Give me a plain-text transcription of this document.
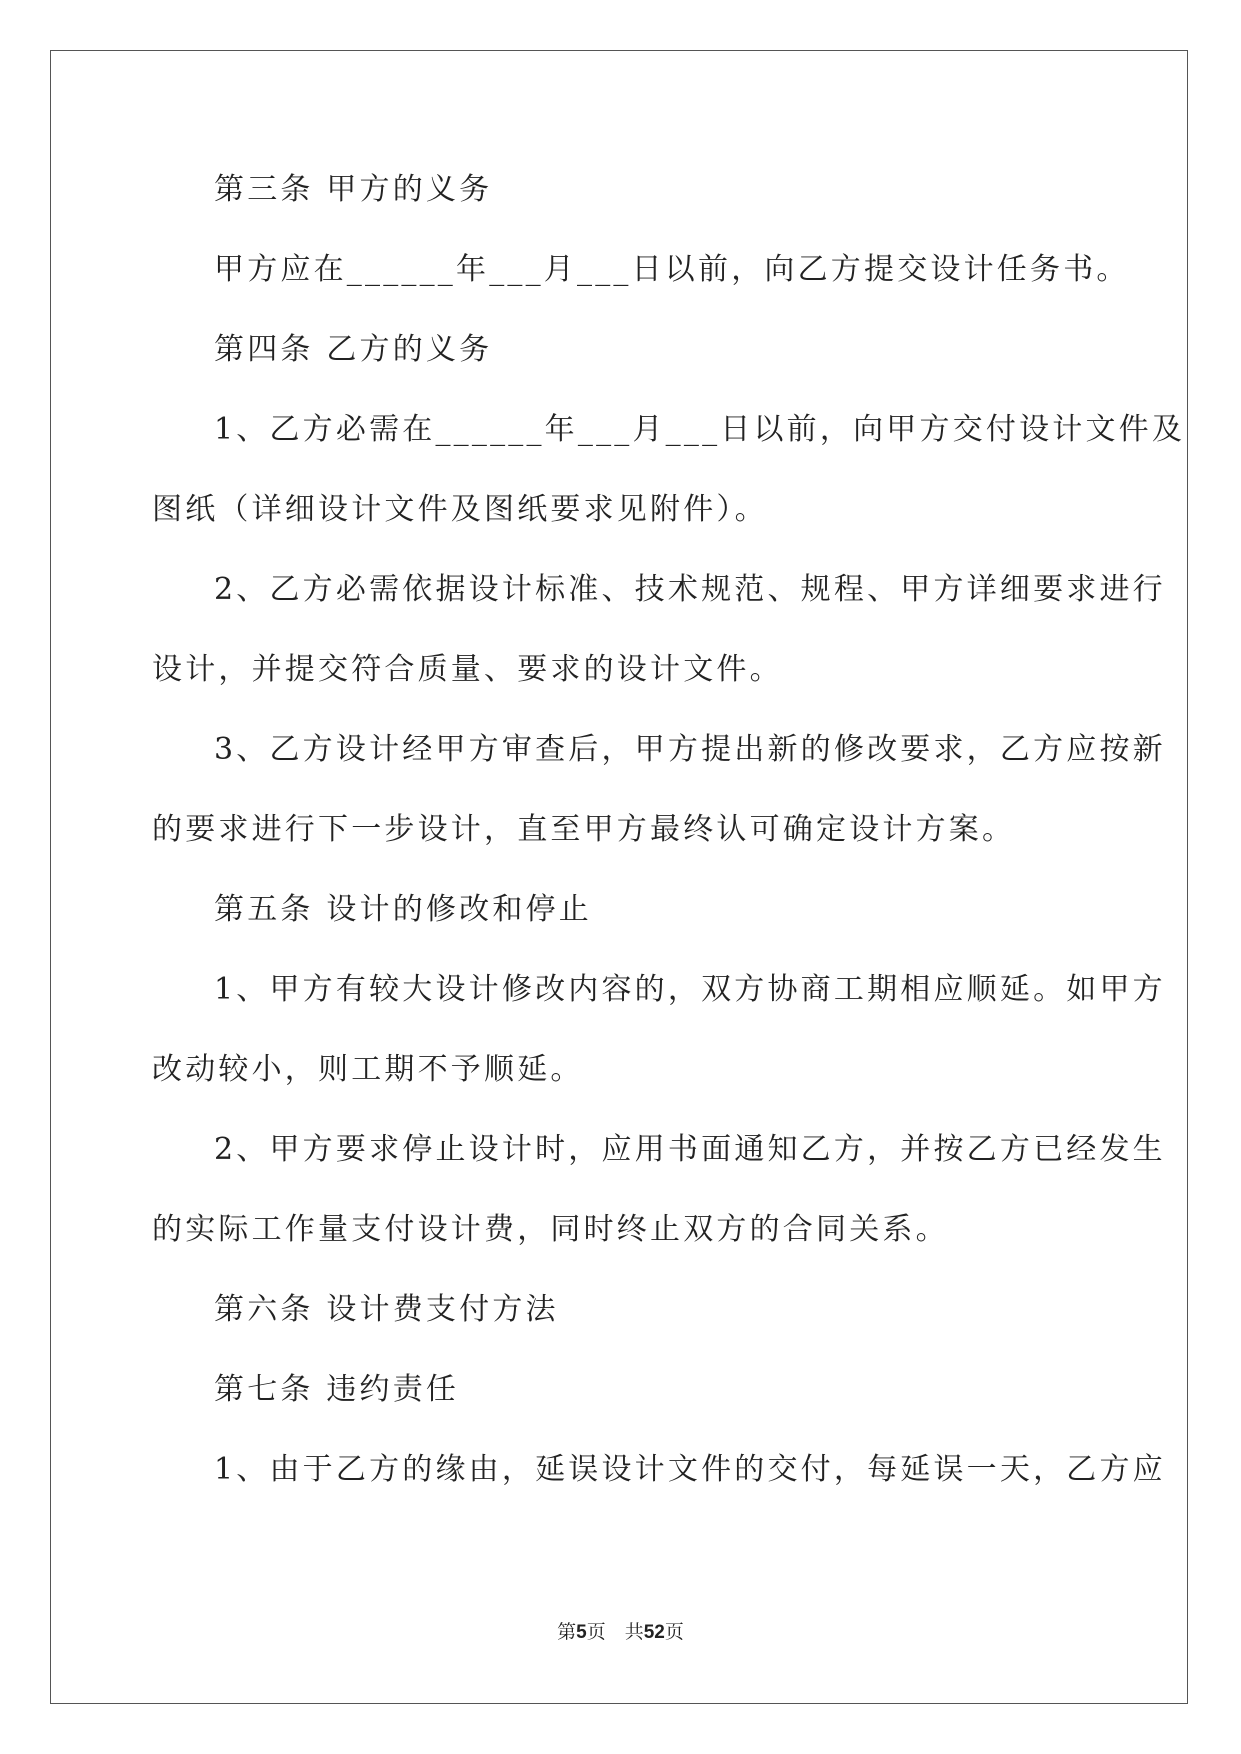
第三条 甲方的义务

甲方应在______年___月___日以前，向乙方提交设计任务书。

第四条 乙方的义务

1、乙方必需在______年___月___日以前，向甲方交付设计文件及

图纸（详细设计文件及图纸要求见附件）。

2、乙方必需依据设计标准、技术规范、规程、甲方详细要求进行

设计，并提交符合质量、要求的设计文件。

3、乙方设计经甲方审查后，甲方提出新的修改要求，乙方应按新

的要求进行下一步设计，直至甲方最终认可确定设计方案。

第五条 设计的修改和停止

1、甲方有较大设计修改内容的，双方协商工期相应顺延。如甲方

改动较小，则工期不予顺延。

2、甲方要求停止设计时，应用书面通知乙方，并按乙方已经发生

的实际工作量支付设计费，同时终止双方的合同关系。

第六条 设计费支付方法

第七条 违约责任

1、由于乙方的缘由，延误设计文件的交付，每延误一天，乙方应

第5页　共52页
